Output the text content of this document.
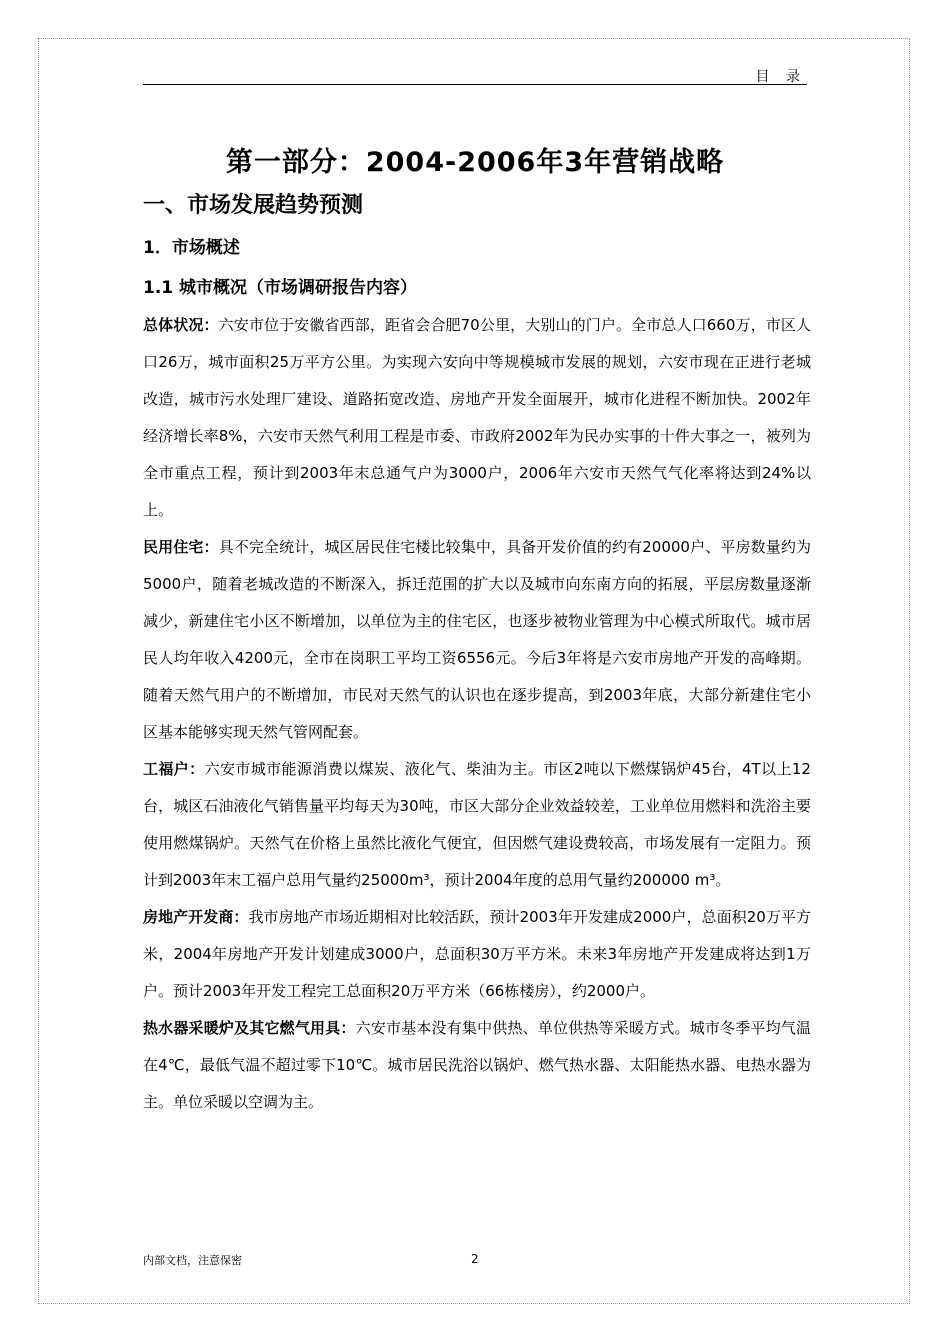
目 录
第一部分：2004-2006年3年营销战略
一、市场发展趋势预测
1．市场概述
1.1 城市概况（市场调研报告内容）

总体状况：六安市位于安徽省西部，距省会合肥70公里，大别山的门户。全市总人口660万，市区人口26万，城市面积25万平方公里。为实现六安向中等规模城市发展的规划，六安市现在正进行老城改造，城市污水处理厂建设、道路拓宽改造、房地产开发全面展开，城市化进程不断加快。2002年经济增长率8%，六安市天然气利用工程是市委、市政府2002年为民办实事的十件大事之一，被列为全市重点工程，预计到2003年末总通气户为3000户，2006年六安市天然气气化率将达到24%以上。

民用住宅：具不完全统计，城区居民住宅楼比较集中，具备开发价值的约有20000户、平房数量约为5000户，随着老城改造的不断深入，拆迁范围的扩大以及城市向东南方向的拓展，平层房数量逐渐减少，新建住宅小区不断增加，以单位为主的住宅区，也逐步被物业管理为中心模式所取代。城市居民人均年收入4200元，全市在岗职工平均工资6556元。今后3年将是六安市房地产开发的高峰期。随着天然气用户的不断增加，市民对天然气的认识也在逐步提高，到2003年底，大部分新建住宅小区基本能够实现天然气管网配套。

工福户：六安市城市能源消费以煤炭、液化气、柴油为主。市区2吨以下燃煤锅炉45台，4T以上12台，城区石油液化气销售量平均每天为30吨，市区大部分企业效益较差，工业单位用燃料和洗浴主要使用燃煤锅炉。天然气在价格上虽然比液化气便宜，但因燃气建设费较高，市场发展有一定阻力。预计到2003年末工福户总用气量约25000m³，预计2004年度的总用气量约200000 m³。

房地产开发商：我市房地产市场近期相对比较活跃，预计2003年开发建成2000户，总面积20万平方米，2004年房地产开发计划建成3000户，总面积30万平方米。未来3年房地产开发建成将达到1万户。预计2003年开发工程完工总面积20万平方米（66栋楼房），约2000户。

热水器采暖炉及其它燃气用具：六安市基本没有集中供热、单位供热等采暖方式。城市冬季平均气温在4℃，最低气温不超过零下10℃。城市居民洗浴以锅炉、燃气热水器、太阳能热水器、电热水器为主。单位采暖以空调为主。

内部文档，注意保密	2
